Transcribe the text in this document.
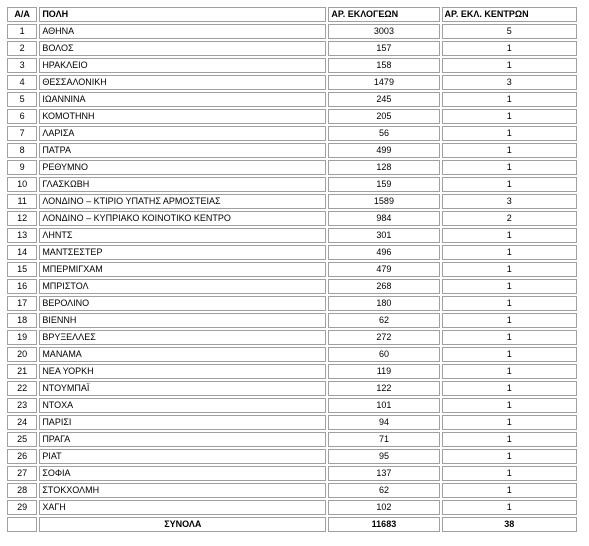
Α/Α	ΠΟΛΗ	ΑΡ. ΕΚΛΟΓΕΩΝ	ΑΡ. ΕΚΛ. ΚΕΝΤΡΩΝ
1	ΑΘΗΝΑ	3003	5
2	ΒΟΛΟΣ	157	1
3	ΗΡΑΚΛΕΙΟ	158	1
4	ΘΕΣΣΑΛΟΝΙΚΗ	1479	3
5	ΙΩΑΝΝΙΝΑ	245	1
6	ΚΟΜΟΤΗΝΗ	205	1
7	ΛΑΡΙΣΑ	56	1
8	ΠΑΤΡΑ	499	1
9	ΡΕΘΥΜΝΟ	128	1
10	ΓΛΑΣΚΩΒΗ	159	1
11	ΛΟΝΔΙΝΟ – ΚΤΙΡΙΟ ΥΠΑΤΗΣ ΑΡΜΟΣΤΕΙΑΣ	1589	3
12	ΛΟΝΔΙΝΟ – ΚΥΠΡΙΑΚΟ ΚΟΙΝΟΤΙΚΟ ΚΕΝΤΡΟ	984	2
13	ΛΗΝΤΣ	301	1
14	ΜΑΝΤΣΕΣΤΕΡ	496	1
15	ΜΠΕΡΜΙΓΧΑΜ	479	1
16	ΜΠΡΙΣΤΟΛ	268	1
17	ΒΕΡΟΛΙΝΟ	180	1
18	ΒΙΕΝΝΗ	62	1
19	ΒΡΥΞΕΛΛΕΣ	272	1
20	ΜΑΝΑΜΑ	60	1
21	ΝΕΑ ΥΟΡΚΗ	119	1
22	ΝΤΟΥΜΠΑΪ	122	1
23	ΝΤΟΧΑ	101	1
24	ΠΑΡΙΣΙ	94	1
25	ΠΡΑΓΑ	71	1
26	ΡΙΑΤ	95	1
27	ΣΟΦΙΑ	137	1
28	ΣΤΟΚΧΟΛΜΗ	62	1
29	ΧΑΓΗ	102	1
	ΣΥΝΟΛΑ	11683	38
